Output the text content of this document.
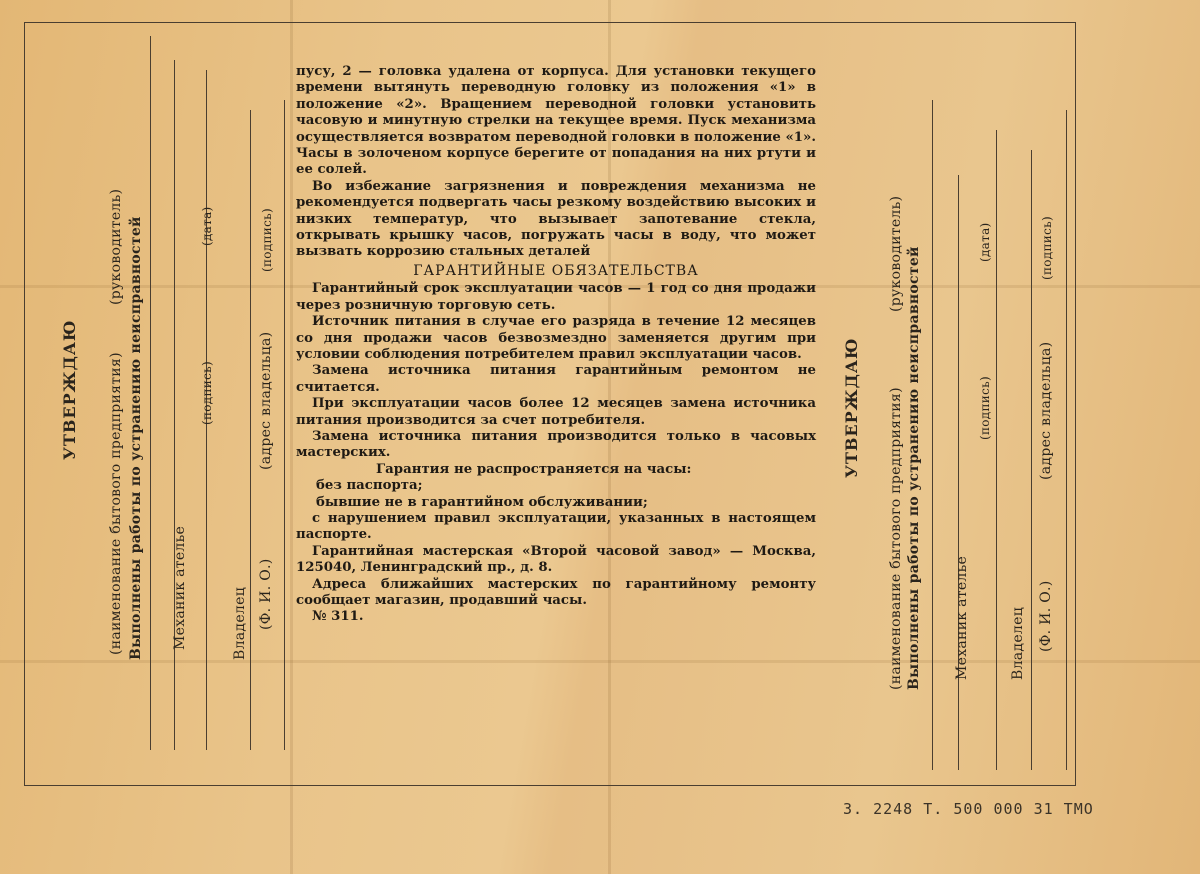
УТВЕРЖДАЮ (наименование бытового предприятия)
(руководитель) Выполнены работы по устранению неисправностей Механик ателье
(подпись)
(дата)
Владелец (Ф. И. О.)
(адрес владельца)
(подпись)

пусу, 2 — головка удалена от корпуса. Для установки текущего времени вытянуть переводную головку из положения «1» в положение «2». Вращением переводной головки установить часовую и минутную стрелки на текущее время. Пуск механизма осуществляется возвратом переводной головки в положение «1». Часы в золоченом корпусе берегите от попадания на них ртути и ее солей.

Во избежание загрязнения и повреждения механизма не рекомендуется подвергать часы резкому воздействию высоких и низких температур, что вызывает запотевание стекла, открывать крышку часов, погружать часы в воду, что может вызвать коррозию стальных деталей

ГАРАНТИЙНЫЕ ОБЯЗАТЕЛЬСТВА

Гарантийный срок эксплуатации часов — 1 год со дня продажи через розничную торговую сеть.

Источник питания в случае его разряда в течение 12 месяцев со дня продажи часов безвозмездно заменяется другим при условии соблюдения потребителем правил эксплуатации часов.

Замена источника питания гарантийным ремонтом не считается.

При эксплуатации часов более 12 месяцев замена источника питания производится за счет потребителя.

Замена источника питания производится только в часовых мастерских.

Гарантия не распространяется на часы:

без паспорта;

бывшие не в гарантийном обслуживании;

с нарушением правил эксплуатации, указанных в настоящем паспорте.

Гарантийная мастерская «Второй часовой завод» — Москва, 125040, Ленинградский пр., д. 8.

Адреса ближайших мастерских по гарантийному ремонту сообщает магазин, продавший часы.

№ 311.

УТВЕРЖДАЮ (наименование бытового предприятия)
(руководитель) Выполнены работы по устранению неисправностей Механик ателье
(подпись)
(дата)
Владелец (Ф. И. О.)
(адрес владельца)
(подпись)
З. 2248 Т. 500 000 31 ТМО
